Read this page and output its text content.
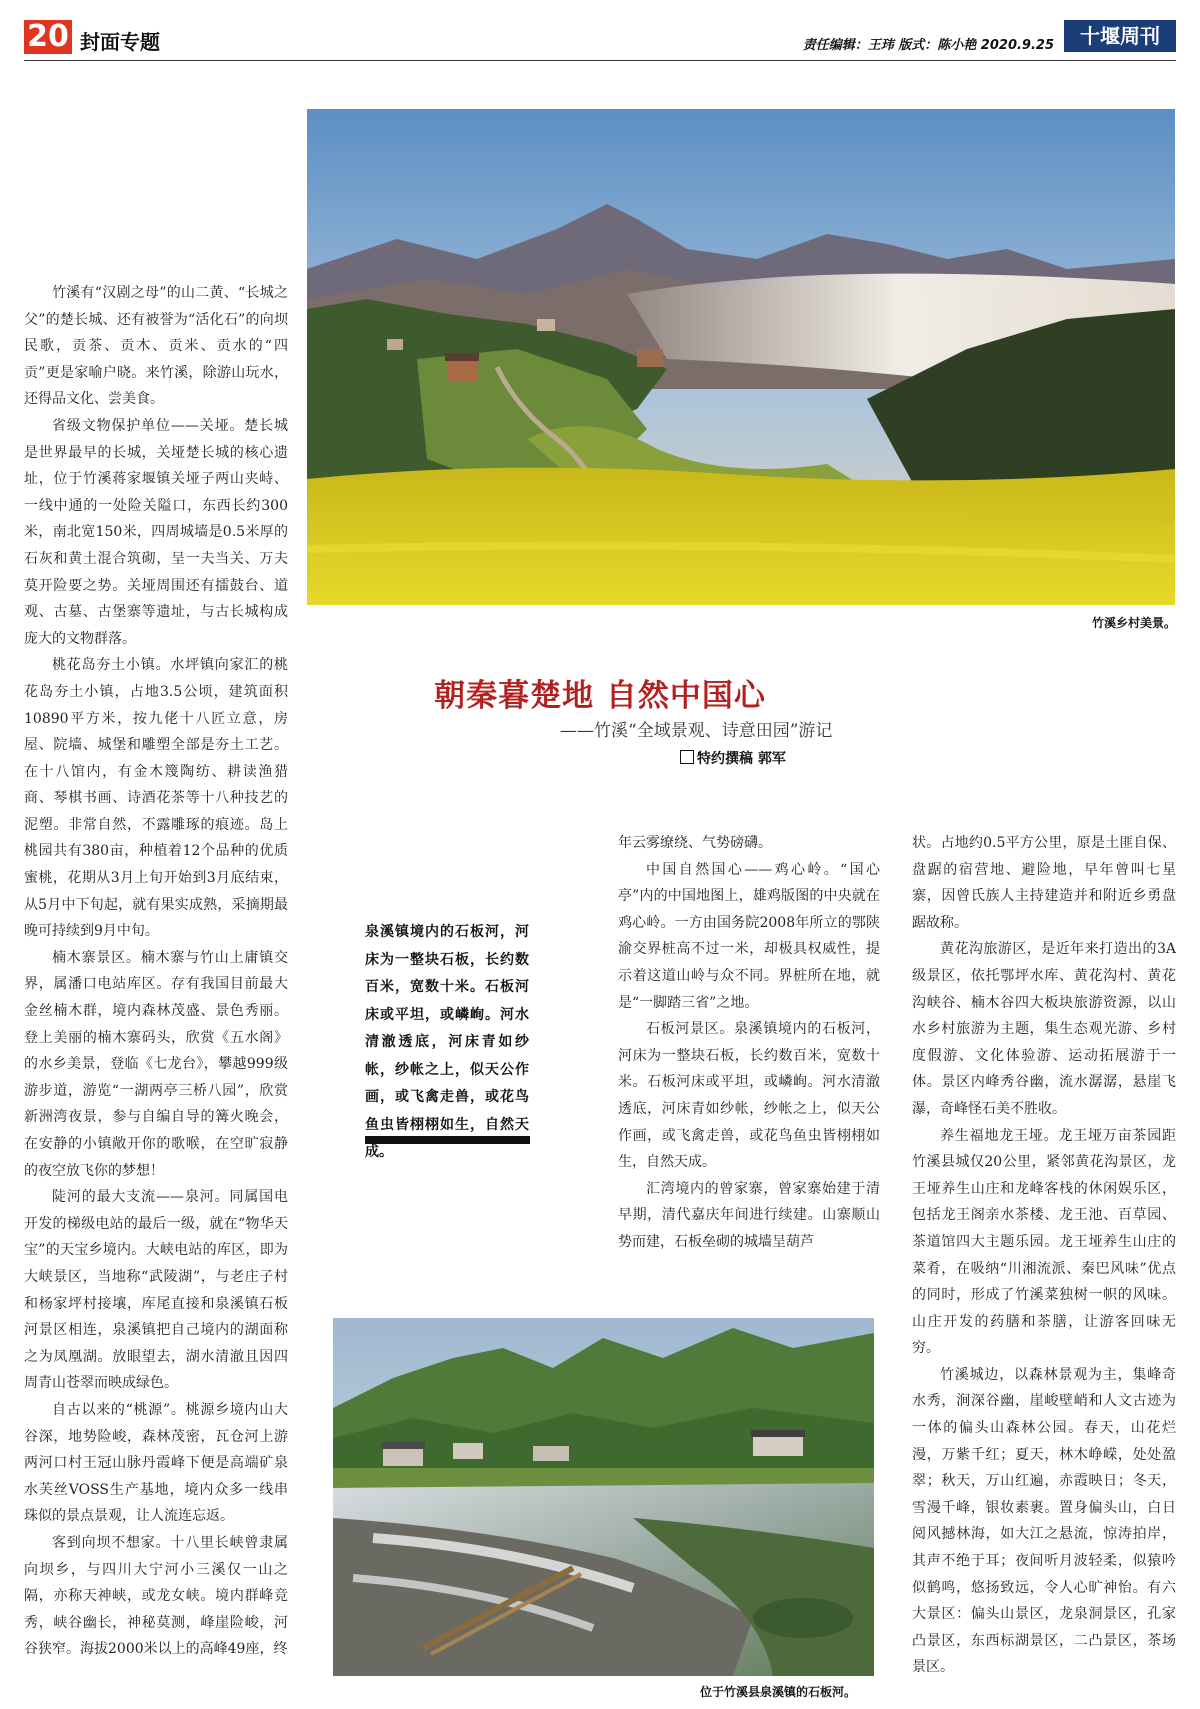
20 封面专题	责任编辑：王玮 版式：陈小艳 2020.9.25	十堰周刊

竹溪有“汉剧之母”的山二黄、“长城之父”的楚长城、还有被誉为“活化石”的向坝民歌，贡茶、贡木、贡米、贡水的“四贡”更是家喻户晓。来竹溪，除游山玩水，还得品文化、尝美食。

省级文物保护单位——关垭。楚长城是世界最早的长城，关垭楚长城的核心遗址，位于竹溪蒋家堰镇关垭子两山夹峙、一线中通的一处险关隘口，东西长约300米，南北宽150米，四周城墙是0.5米厚的石灰和黄土混合筑砌，呈一夫当关、万夫莫开险要之势。关垭周围还有擂鼓台、道观、古墓、古堡寨等遗址，与古长城构成庞大的文物群落。

桃花岛夯土小镇。水坪镇向家汇的桃花岛夯土小镇，占地3.5公顷，建筑面积10890平方米，按九佬十八匠立意，房屋、院墙、城堡和雕塑全部是夯土工艺。在十八馆内，有金木篾陶纺、耕读渔猎商、琴棋书画、诗酒花茶等十八种技艺的泥塑。非常自然，不露雕琢的痕迹。岛上桃园共有380亩，种植着12个品种的优质蜜桃，花期从3月上旬开始到3月底结束，从5月中下旬起，就有果实成熟，采摘期最晚可持续到9月中旬。

楠木寨景区。楠木寨与竹山上庸镇交界，属潘口电站库区。存有我国目前最大金丝楠木群，境内森林茂盛、景色秀丽。登上美丽的楠木寨码头，欣赏《五水阁》的水乡美景，登临《七龙台》，攀越999级游步道，游览“一湖两亭三桥八园”，欣赏新洲湾夜景，参与自编自导的篝火晚会，在安静的小镇敞开你的歌喉，在空旷寂静的夜空放飞你的梦想！

陡河的最大支流——泉河。同属国电开发的梯级电站的最后一级，就在“物华天宝”的天宝乡境内。大峡电站的库区，即为大峡景区，当地称“武陵湖”，与老庄子村和杨家坪村接壤，库尾直接和泉溪镇石板河景区相连，泉溪镇把自己境内的湖面称之为凤凰湖。放眼望去，湖水清澈且因四周青山苍翠而映成绿色。

自古以来的“桃源”。桃源乡境内山大谷深，地势险峻，森林茂密，瓦仓河上游两河口村王冠山脉丹霞峰下便是高端矿泉水芙丝VOSS生产基地，境内众多一线串珠似的景点景观，让人流连忘返。

客到向坝不想家。十八里长峡曾隶属向坝乡，与四川大宁河小三溪仅一山之隔，亦称天神峡，或龙女峡。境内群峰竞秀，峡谷幽长，神秘莫测，峰崖险峻，河谷狭窄。海拔2000米以上的高峰49座，终

竹溪乡村美景。
朝秦暮楚地 自然中国心
——竹溪“全域景观、诗意田园”游记
特约撰稿 郭军
泉溪镇境内的石板河，河床为一整块石板，长约数百米，宽数十米。石板河床或平坦，或嶙峋。河水清澈透底，河床青如纱帐，纱帐之上，似天公作画，或飞禽走兽，或花鸟鱼虫皆栩栩如生，自然天成。

年云雾缭绕、气势磅礴。

中国自然国心——鸡心岭。“国心亭”内的中国地图上，雄鸡版图的中央就在鸡心岭。一方由国务院2008年所立的鄂陕渝交界桩高不过一米，却极具权威性，提示着这道山岭与众不同。界桩所在地，就是“一脚踏三省”之地。

石板河景区。泉溪镇境内的石板河，河床为一整块石板，长约数百米，宽数十米。石板河床或平坦，或嶙峋。河水清澈透底，河床青如纱帐，纱帐之上，似天公作画，或飞禽走兽，或花鸟鱼虫皆栩栩如生，自然天成。

汇湾境内的曾家寨，曾家寨始建于清早期，清代嘉庆年间进行续建。山寨顺山势而建，石板垒砌的城墙呈葫芦

状。占地约0.5平方公里，原是土匪自保、盘踞的宿营地、避险地，早年曾叫七星寨，因曾氏族人主持建造并和附近乡勇盘踞故称。

黄花沟旅游区，是近年来打造出的3A级景区，依托鄂坪水库、黄花沟村、黄花沟峡谷、楠木谷四大板块旅游资源，以山水乡村旅游为主题，集生态观光游、乡村度假游、文化体验游、运动拓展游于一体。景区内峰秀谷幽，流水潺潺，悬崖飞瀑，奇峰怪石美不胜收。

养生福地龙王垭。龙王垭万亩茶园距竹溪县城仅20公里，紧邻黄花沟景区，龙王垭养生山庄和龙峰客栈的休闲娱乐区，包括龙王阁亲水茶楼、龙王池、百草园、茶道馆四大主题乐园。龙王垭养生山庄的菜肴，在吸纳“川湘流派、秦巴风味”优点的同时，形成了竹溪菜独树一帜的风味。山庄开发的药膳和茶膳，让游客回味无穷。

竹溪城边，以森林景观为主，集峰奇水秀，涧深谷幽，崖峻壁峭和人文古迹为一体的偏头山森林公园。春天，山花烂漫，万紫千红；夏天，林木峥嵘，处处盈翠；秋天，万山红遍，赤霞映日；冬天，雪漫千峰，银妆素裹。置身偏头山，白日阅风撼林海，如大江之悬流，惊涛拍岸，其声不绝于耳；夜间听月波轻柔，似猿吟似鹤鸣，悠扬致远，令人心旷神怡。有六大景区：偏头山景区，龙泉洞景区，孔家凸景区，东西标湖景区，二凸景区，茶场景区。

位于竹溪县泉溪镇的石板河。
